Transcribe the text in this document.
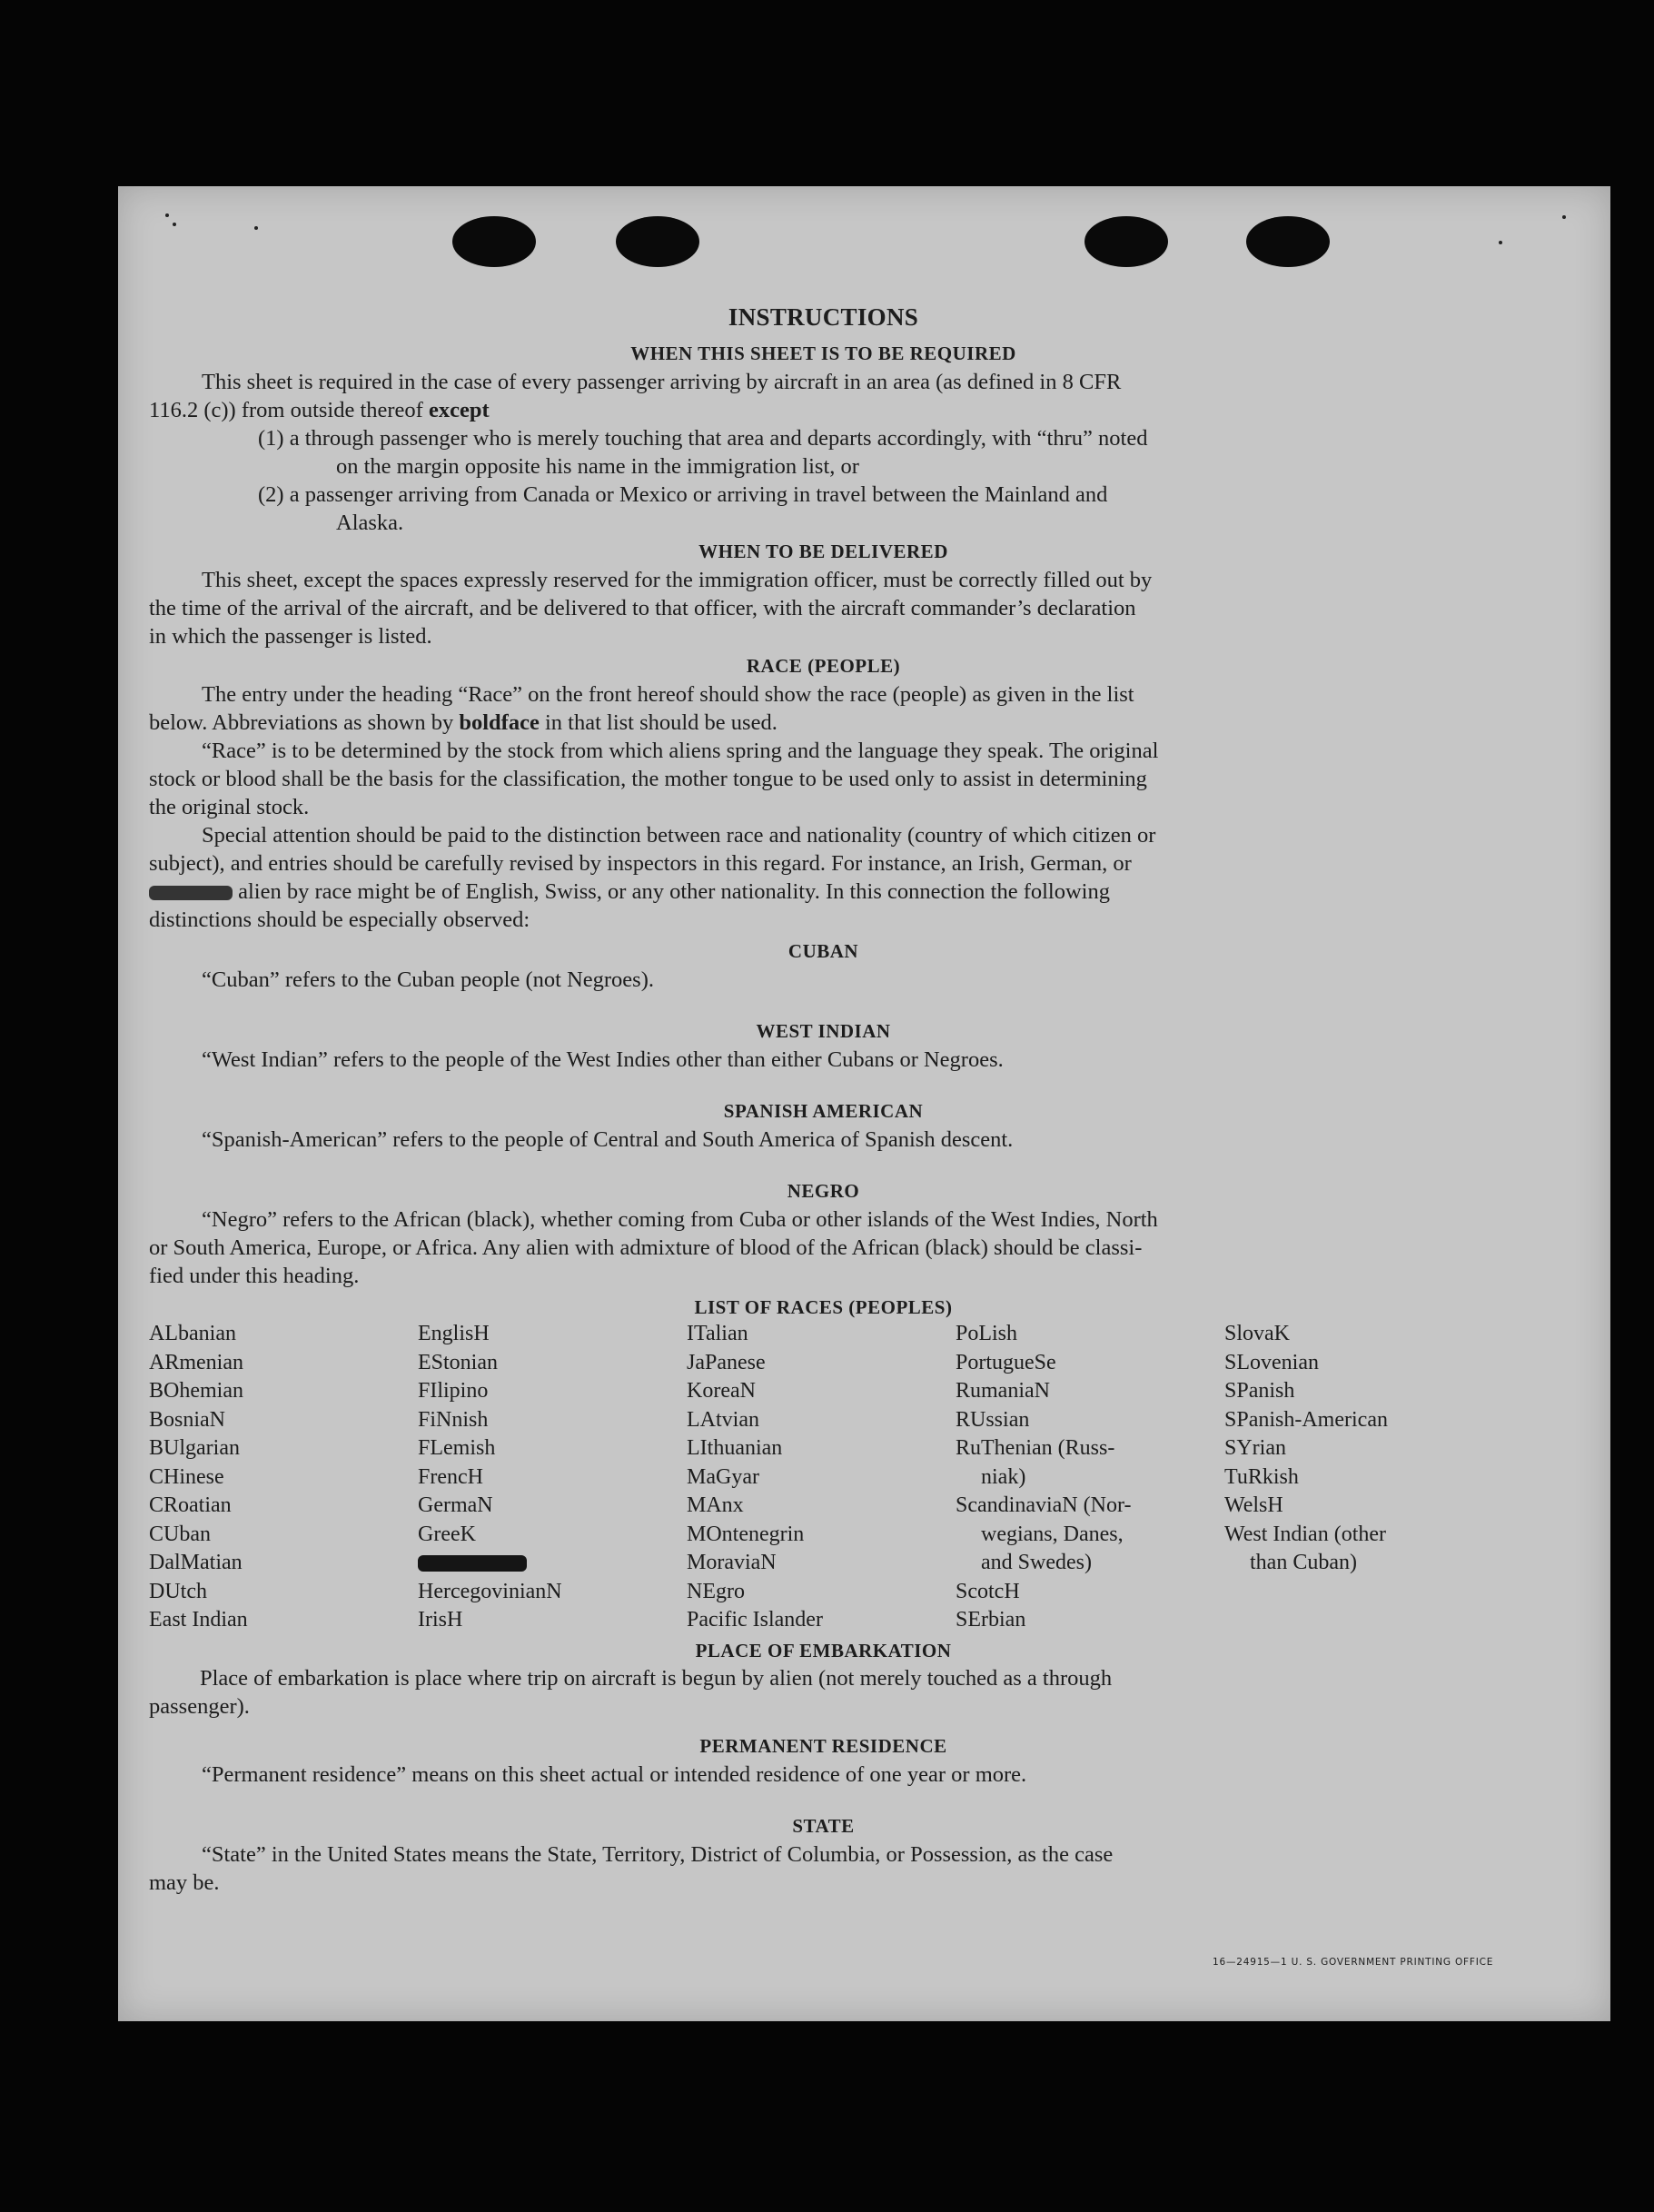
INSTRUCTIONS
WHEN THIS SHEET IS TO BE REQUIRED
This sheet is required in the case of every passenger arriving by aircraft in an area (as defined in 8 CFR
116.2 (c)) from outside thereof except
(1) a through passenger who is merely touching that area and departs accordingly, with “thru” noted
on the margin opposite his name in the immigration list, or
(2) a passenger arriving from Canada or Mexico or arriving in travel between the Mainland and
Alaska.
WHEN TO BE DELIVERED
This sheet, except the spaces expressly reserved for the immigration officer, must be correctly filled out by
the time of the arrival of the aircraft, and be delivered to that officer, with the aircraft commander’s declaration
in which the passenger is listed.
RACE (PEOPLE)
The entry under the heading “Race” on the front hereof should show the race (people) as given in the list
below. Abbreviations as shown by boldface in that list should be used.
“Race” is to be determined by the stock from which aliens spring and the language they speak. The original
stock or blood shall be the basis for the classification, the mother tongue to be used only to assist in determining
the original stock.
Special attention should be paid to the distinction between race and nationality (country of which citizen or
subject), and entries should be carefully revised by inspectors in this regard. For instance, an Irish, German, or
alien by race might be of English, Swiss, or any other nationality. In this connection the following
distinctions should be especially observed:
CUBAN
“Cuban” refers to the Cuban people (not Negroes).
WEST INDIAN
“West Indian” refers to the people of the West Indies other than either Cubans or Negroes.
SPANISH AMERICAN
“Spanish-American” refers to the people of Central and South America of Spanish descent.
NEGRO
“Negro” refers to the African (black), whether coming from Cuba or other islands of the West Indies, North
or South America, Europe, or Africa. Any alien with admixture of blood of the African (black) should be classi-
fied under this heading.
LIST OF RACES (PEOPLES)
ALbanian
ARmenian
BOhemian
BosniaN
BUlgarian
CHinese
CRoatian
CUban
DalMatian
DUtch
East Indian
EnglisH
EStonian
FIlipino
FiNnish
FLemish
FrencH
GermaN
GreeK
HercegovinianN
IrisH
ITalian
JaPanese
KoreaN
LAtvian
LIthuanian
MaGyar
MAnx
MOntenegrin
MoraviaN
NEgro
Pacific Islander
PoLish
PortugueSe
RumaniaN
RUssian
RuThenian (Russ-
niak)
ScandinaviaN (Nor-
wegians, Danes,
and Swedes)
ScotcH
SErbian
SlovaK
SLovenian
SPanish
SPanish-American
SYrian
TuRkish
WelsH
West Indian (other
than Cuban)
PLACE OF EMBARKATION
Place of embarkation is place where trip on aircraft is begun by alien (not merely touched as a through
passenger).
PERMANENT RESIDENCE
“Permanent residence” means on this sheet actual or intended residence of one year or more.
STATE
“State” in the United States means the State, Territory, District of Columbia, or Possession, as the case
may be.
16—24915—1 U. S. GOVERNMENT PRINTING OFFICE
